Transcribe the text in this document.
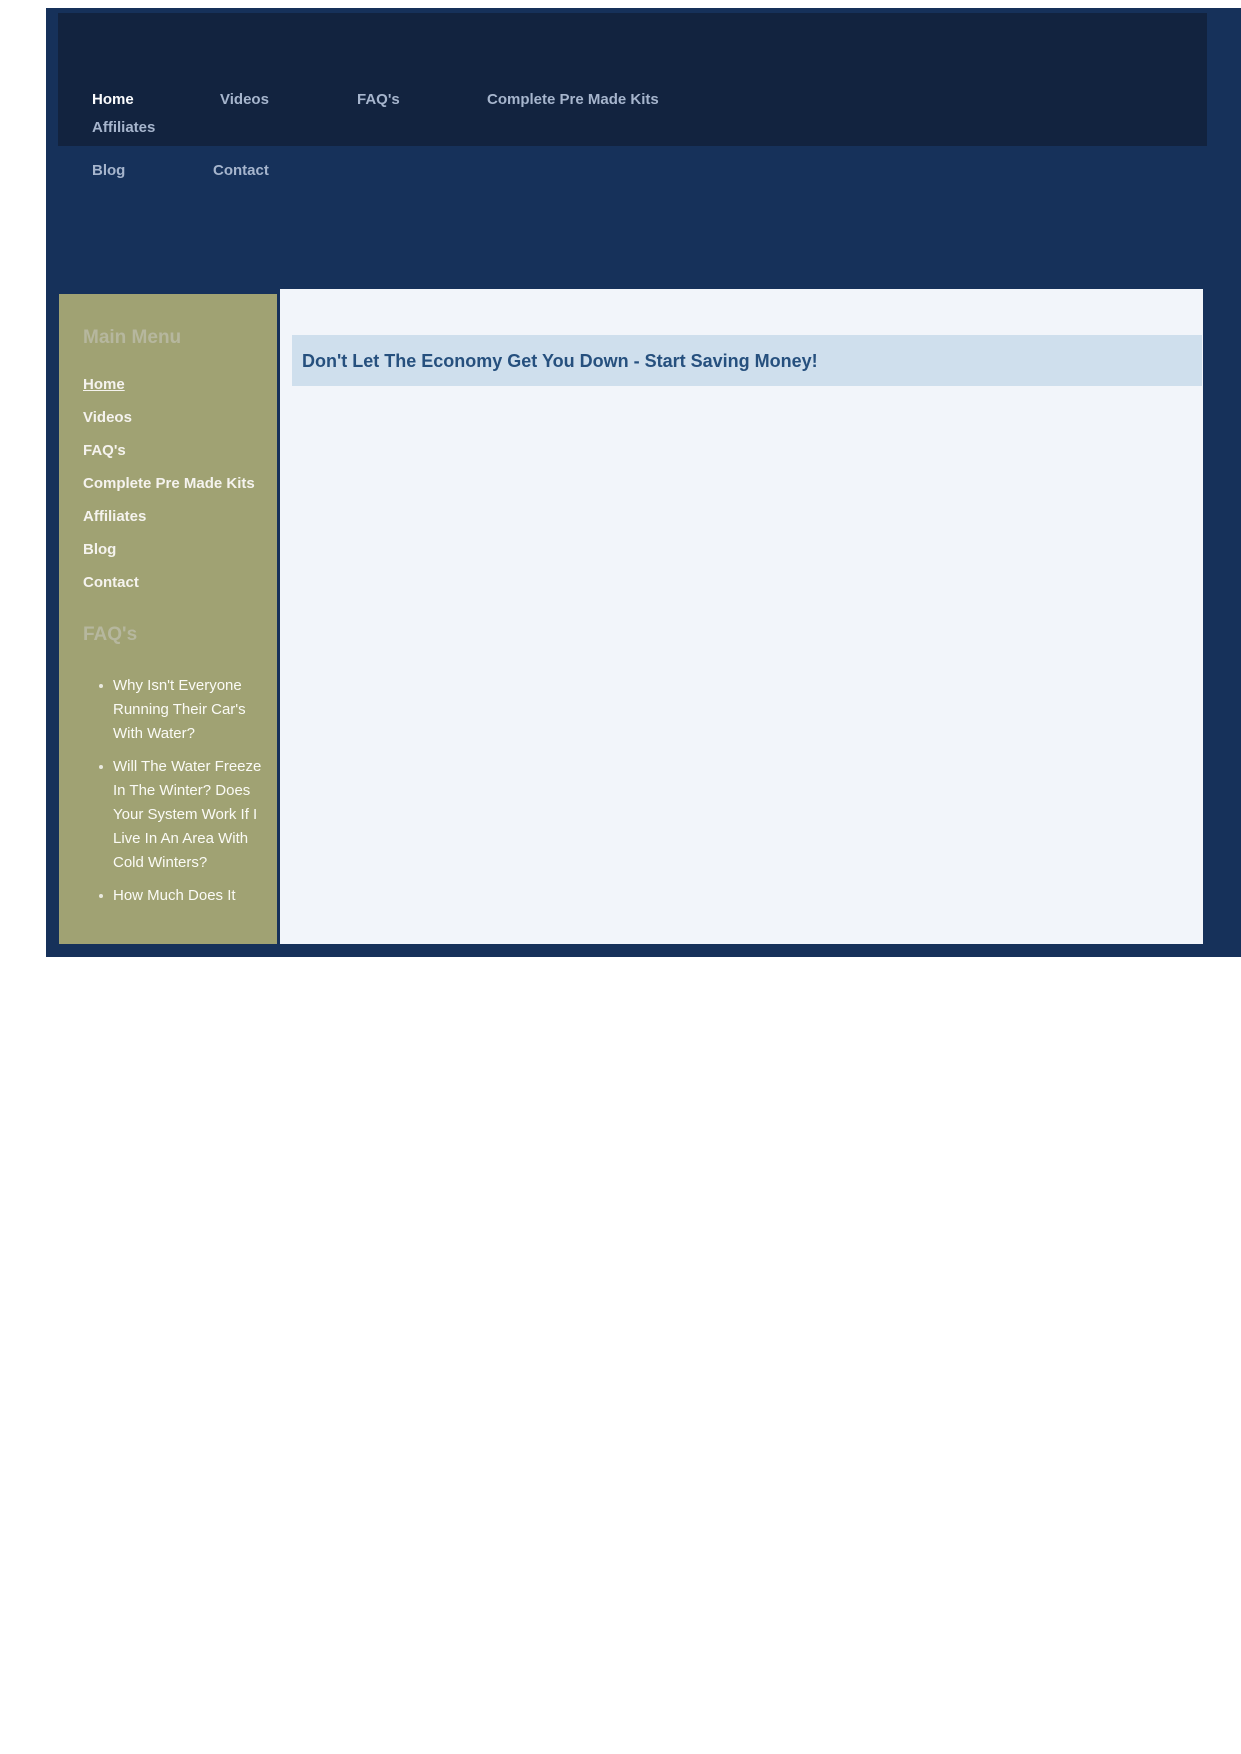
Home	Videos	FAQ's	Complete Pre Made Kits
Affiliates
Blog	Contact
Main Menu
Home
Videos
FAQ's
Complete Pre Made Kits
Affiliates
Blog
Contact
FAQ's
Why Isn't Everyone Running Their Car's With Water?
Will The Water Freeze In The Winter? Does Your System Work If I Live In An Area With Cold Winters?
How Much Does It
Don't Let The Economy Get You Down - Start Saving Money!
